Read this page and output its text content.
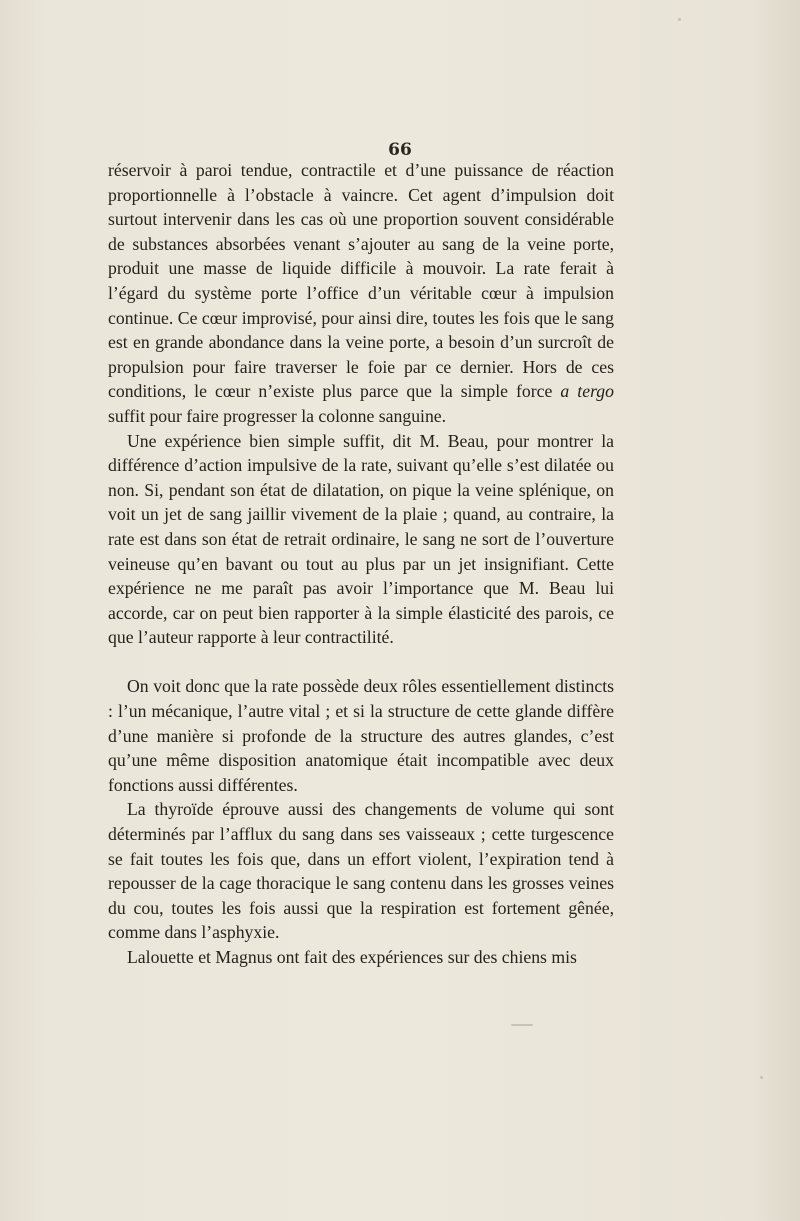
66

réservoir à paroi tendue, contractile et d’une puissance de réaction proportionnelle à l’obstacle à vaincre. Cet agent d’impulsion doit surtout intervenir dans les cas où une proportion souvent considérable de substances absorbées venant s’ajouter au sang de la veine porte, produit une masse de liquide difficile à mouvoir. La rate ferait à l’égard du système porte l’office d’un véritable cœur à impulsion continue. Ce cœur improvisé, pour ainsi dire, toutes les fois que le sang est en grande abondance dans la veine porte, a besoin d’un surcroît de propulsion pour faire traverser le foie par ce dernier. Hors de ces conditions, le cœur n’existe plus parce que la simple force a tergo suffit pour faire progresser la colonne sanguine.

Une expérience bien simple suffit, dit M. Beau, pour montrer la différence d’action impulsive de la rate, suivant qu’elle s’est dilatée ou non. Si, pendant son état de dilatation, on pique la veine splénique, on voit un jet de sang jaillir vivement de la plaie ; quand, au contraire, la rate est dans son état de retrait ordinaire, le sang ne sort de l’ouverture veineuse qu’en bavant ou tout au plus par un jet insignifiant. Cette expérience ne me paraît pas avoir l’importance que M. Beau lui accorde, car on peut bien rapporter à la simple élasticité des parois, ce que l’auteur rapporte à leur contractilité.

On voit donc que la rate possède deux rôles essentiellement distincts : l’un mécanique, l’autre vital ; et si la structure de cette glande diffère d’une manière si profonde de la structure des autres glandes, c’est qu’une même disposition anatomique était incompatible avec deux fonctions aussi différentes.

La thyroïde éprouve aussi des changements de volume qui sont déterminés par l’afflux du sang dans ses vaisseaux ; cette turgescence se fait toutes les fois que, dans un effort violent, l’expiration tend à repousser de la cage thoracique le sang contenu dans les grosses veines du cou, toutes les fois aussi que la respiration est fortement gênée, comme dans l’asphyxie.

Lalouette et Magnus ont fait des expériences sur des chiens mis
